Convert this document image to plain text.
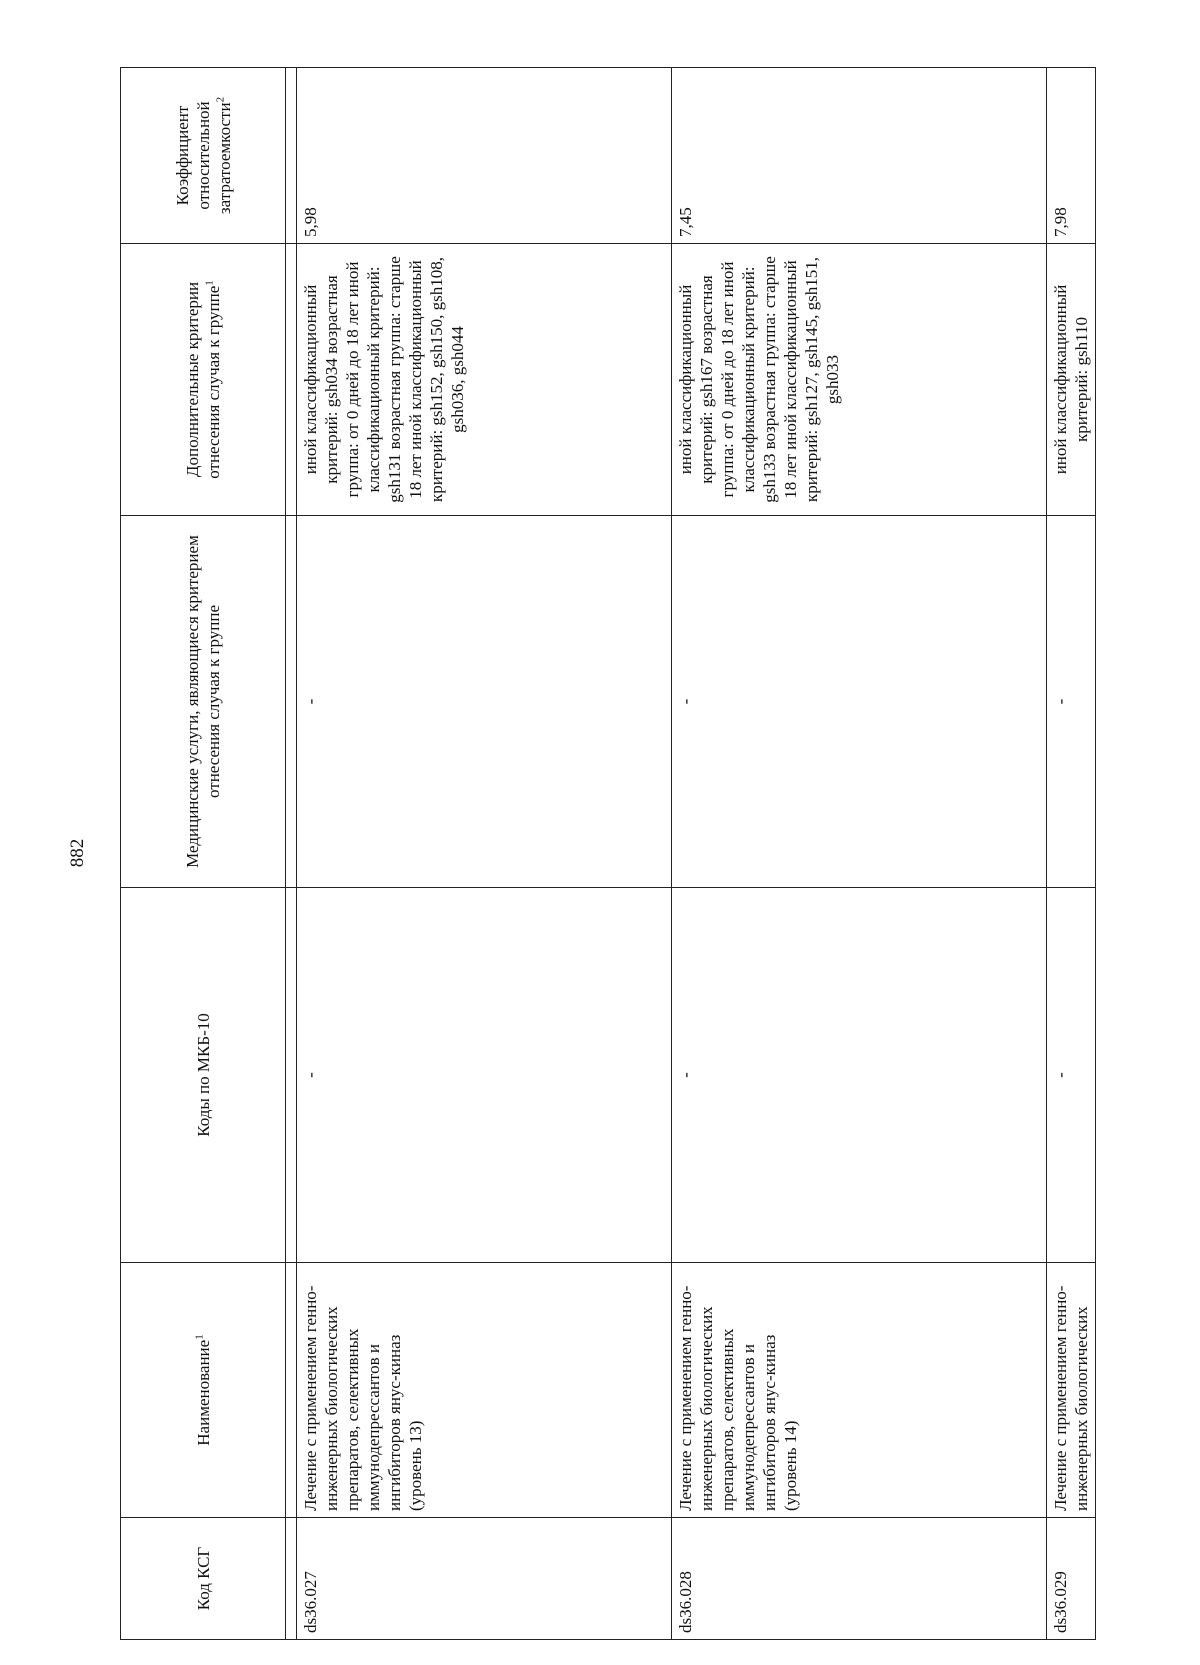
882
Код КСГ	Наименование$^1$	Коды по МКБ-10	Медицинские услуги, являющиеся критерием отнесения случая к группе	Дополнительные критерии отнесения случая к группе$^1$	Коэффициент относительной затратоемкости$^2$

ds36.027	Лечение с применением генно-инженерных биологических препаратов, селективных иммунодепрессантов и ингибиторов янус-киназ (уровень 13)	-	-	иной классификационный критерий: gsh034 возрастная группа: от 0 дней до 18 лет иной классификационный критерий: gsh131 возрастная группа: старше 18 лет иной классификационный критерий: gsh152, gsh150, gsh108, gsh036, gsh044	5,98
ds36.028	Лечение с применением генно-инженерных биологических препаратов, селективных иммунодепрессантов и ингибиторов янус-киназ (уровень 14)	-	-	иной классификационный критерий: gsh167 возрастная группа: от 0 дней до 18 лет иной классификационный критерий: gsh133 возрастная группа: старше 18 лет иной классификационный критерий: gsh127, gsh145, gsh151, gsh033	7,45
ds36.029	Лечение с применением генно-инженерных биологических	-	-	иной классификационный критерий: gsh110	7,98
